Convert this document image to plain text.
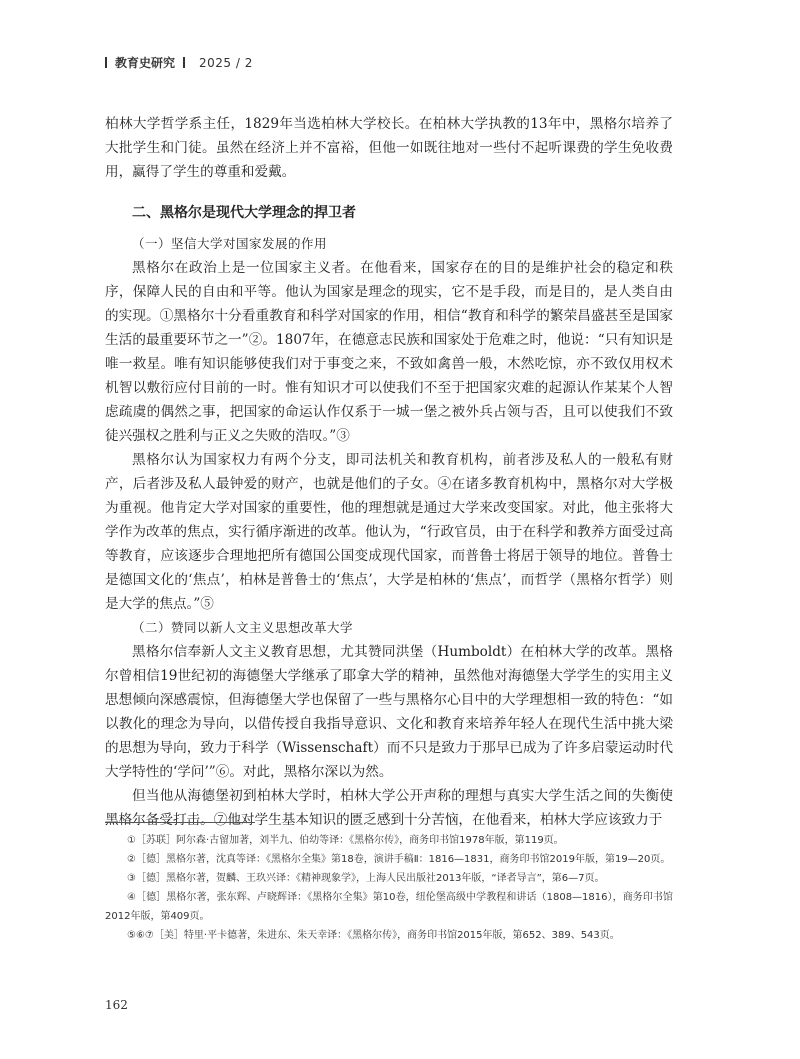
教育史研究 2025 / 2

柏林大学哲学系主任，1829年当选柏林大学校长。在柏林大学执教的13年中，黑格尔培养了大批学生和门徒。虽然在经济上并不富裕，但他一如既往地对一些付不起听课费的学生免收费用，赢得了学生的尊重和爱戴。

二、黑格尔是现代大学理念的捍卫者
（一）坚信大学对国家发展的作用

黑格尔在政治上是一位国家主义者。在他看来，国家存在的目的是维护社会的稳定和秩序，保障人民的自由和平等。他认为国家是理念的现实，它不是手段，而是目的，是人类自由的实现。①黑格尔十分看重教育和科学对国家的作用，相信“教育和科学的繁荣昌盛甚至是国家生活的最重要环节之一”②。1807年，在德意志民族和国家处于危难之时，他说：“只有知识是唯一救星。唯有知识能够使我们对于事变之来，不致如禽兽一般，木然吃惊，亦不致仅用权术机智以敷衍应付目前的一时。惟有知识才可以使我们不至于把国家灾难的起源认作某某个人智虑疏虞的偶然之事，把国家的命运认作仅系于一城一堡之被外兵占领与否，且可以使我们不致徒兴强权之胜利与正义之失败的浩叹。”③

黑格尔认为国家权力有两个分支，即司法机关和教育机构，前者涉及私人的一般私有财产，后者涉及私人最钟爱的财产，也就是他们的子女。④在诸多教育机构中，黑格尔对大学极为重视。他肯定大学对国家的重要性，他的理想就是通过大学来改变国家。对此，他主张将大学作为改革的焦点，实行循序渐进的改革。他认为，“行政官员，由于在科学和教养方面受过高等教育，应该逐步合理地把所有德国公国变成现代国家，而普鲁士将居于领导的地位。普鲁士是德国文化的‘焦点’，柏林是普鲁士的‘焦点’，大学是柏林的‘焦点’，而哲学（黑格尔哲学）则是大学的焦点。”⑤

（二）赞同以新人文主义思想改革大学

黑格尔信奉新人文主义教育思想，尤其赞同洪堡（Humboldt）在柏林大学的改革。黑格尔曾相信19世纪初的海德堡大学继承了耶拿大学的精神，虽然他对海德堡大学学生的实用主义思想倾向深感震惊，但海德堡大学也保留了一些与黑格尔心目中的大学理想相一致的特色：“如以教化的理念为导向，以借传授自我指导意识、文化和教育来培养年轻人在现代生活中挑大梁的思想为导向，致力于科学（Wissenschaft）而不只是致力于那早已成为了许多启蒙运动时代大学特性的‘学问’”⑥。对此，黑格尔深以为然。

但当他从海德堡初到柏林大学时，柏林大学公开声称的理想与真实大学生活之间的失衡使黑格尔备受打击。⑦他对学生基本知识的匮乏感到十分苦恼，在他看来，柏林大学应该致力于

①［苏联］阿尔森·古留加著，刘半九、伯幼等译：《黑格尔传》，商务印书馆1978年版，第119页。

②［德］黑格尔著，沈真等译：《黑格尔全集》第18卷，演讲手稿Ⅱ：1816—1831，商务印书馆2019年版，第19—20页。

③［德］黑格尔著，贺麟、王玖兴译：《精神现象学》，上海人民出版社2013年版，“译者导言”，第6—7页。

④［德］黑格尔著，张东辉、卢晓辉译：《黑格尔全集》第10卷，纽伦堡高级中学教程和讲话（1808—1816），商务印书馆2012年版，第409页。

⑤⑥⑦［美］特里·平卡德著，朱进东、朱天幸译：《黑格尔传》，商务印书馆2015年版，第652、389、543页。

162
